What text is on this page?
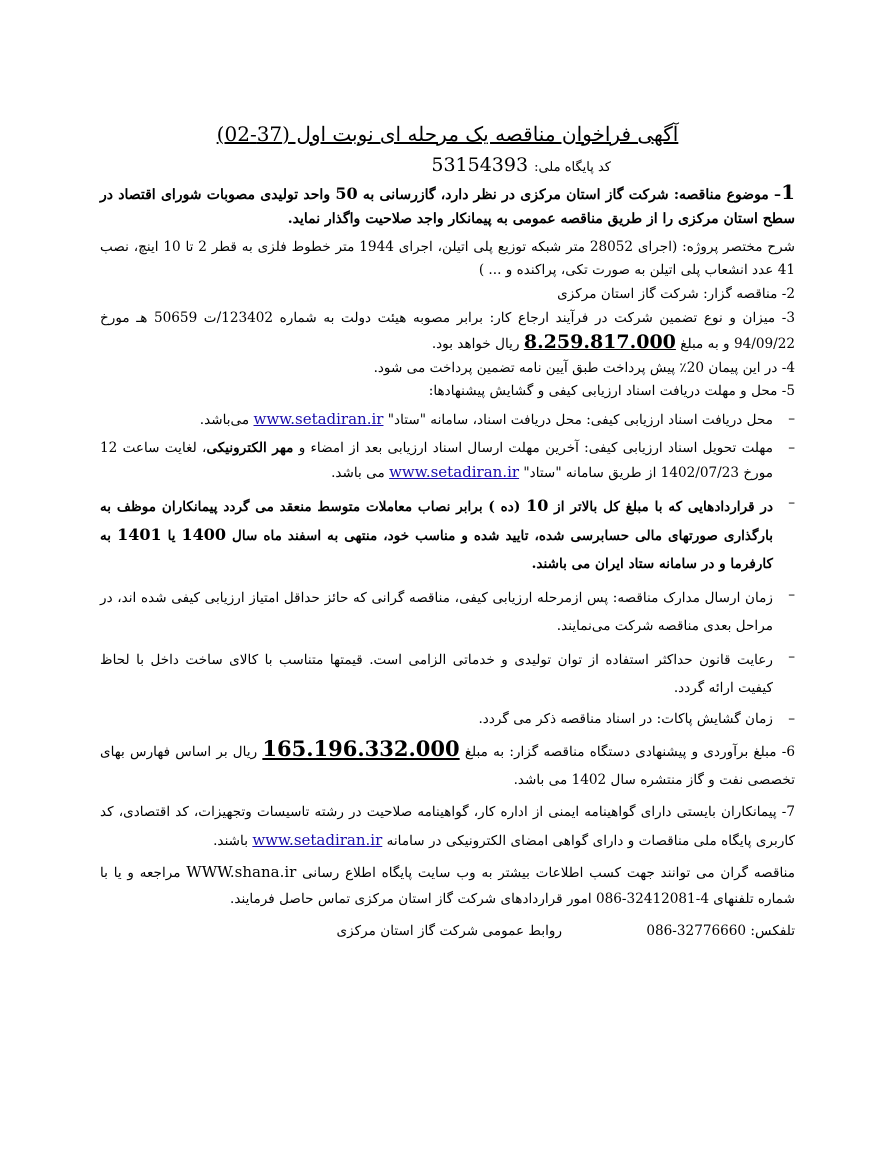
آگهی فراخوان مناقصه یک مرحله ای نوبت اول (37-02)
کد پایگاه ملی:53154393

1– موضوع مناقصه: شرکت گاز استان مرکزی در نظر دارد، گازرسانی به 50 واحد تولیدی مصوبات شورای اقتصاد در سطح استان مرکزی را از طریق مناقصه عمومی به پیمانکار واجد صلاحیت واگذار نماید.

شرح مختصر پروژه: (اجرای 28052 متر شبکه توزیع پلی اتیلن، اجرای 1944 متر خطوط فلزی به قطر 2 تا 10 اینچ، نصب 41 عدد انشعاب پلی اتیلن به صورت تکی، پراکنده و ... )

2- مناقصه گزار: شرکت گاز استان مرکزی

3- میزان و نوع تضمین شرکت در فرآیند ارجاع کار: برابر مصوبه هیئت دولت به شماره 123402/ت 50659 هـ مورخ 94/09/22 و به مبلغ 8.259.817.000 ریال خواهد بود.

4- در این پیمان 20٪ پیش پرداخت طبق آیین نامه تضمین پرداخت می شود.

5- محل و مهلت دریافت اسناد ارزیابی کیفی و گشایش پیشنهادها:

– محل دریافت اسناد ارزیابی کیفی: محل دریافت اسناد، سامانه "ستاد" www.setadiran.ir می‌باشد.

– مهلت تحویل اسناد ارزیابی کیفی: آخرین مهلت ارسال اسناد ارزیابی بعد از امضاء و مهر الکترونیکی، لغایت ساعت 12 مورخ 1402/07/23 از طریق سامانه "ستاد" www.setadiran.ir می باشد.

– در قراردادهایی که با مبلغ کل بالاتر از 10 (ده ) برابر نصاب معاملات متوسط منعقد می گردد پیمانکاران موظف به بارگذاری صورتهای مالی حسابرسی شده، تایید شده و مناسب خود، منتهی به اسفند ماه سال 1400 یا 1401 به کارفرما و در سامانه ستاد ایران می باشند.

– زمان ارسال مدارک مناقصه: پس ازمرحله ارزیابی کیفی، مناقصه گرانی که حائز حداقل امتیاز ارزیابی کیفی شده اند، در مراحل بعدی مناقصه شرکت می‌نمایند.

– رعایت قانون حداکثر استفاده از توان تولیدی و خدماتی الزامی است. قیمتها متناسب با کالای ساخت داخل با لحاظ کیفیت ارائه گردد.

– زمان گشایش پاکات: در اسناد مناقصه ذکر می گردد.

6- مبلغ برآوردی و پیشنهادی دستگاه مناقصه گزار: به مبلغ 165.196.332.000 ریال بر اساس فهارس بهای تخصصی نفت و گاز منتشره سال 1402 می باشد.

7- پیمانکاران بایستی دارای گواهینامه ایمنی از اداره کار، گواهینامه صلاحیت در رشته تاسیسات وتجهیزات، کد اقتصادی، کد کاربری پایگاه ملی مناقصات و دارای گواهی امضای الکترونیکی در سامانه www.setadiran.ir باشند.

مناقصه گران می توانند جهت کسب اطلاعات بیشتر به وب سایت پایگاه اطلاع رسانی WWW.shana.ir مراجعه و یا با شماره تلفنهای 4-32412081-086 امور قراردادهای شرکت گاز استان مرکزی تماس حاصل فرمایند.

تلفکس: 32776660-086 روابط عمومی شرکت گاز استان مرکزی
